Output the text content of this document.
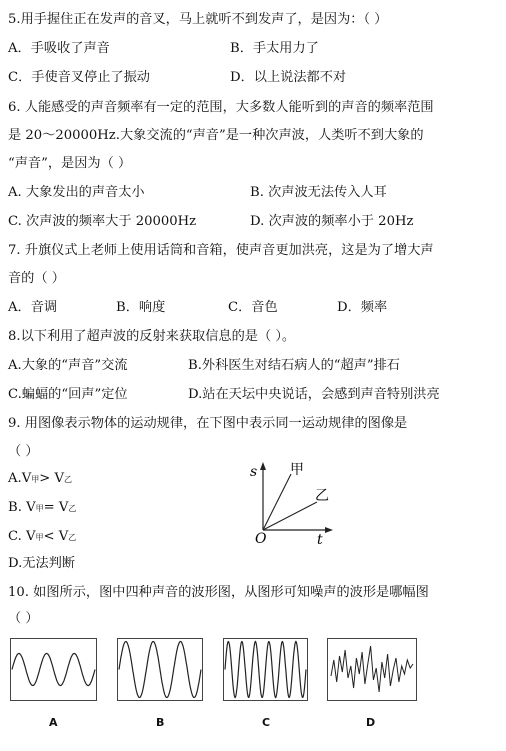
5.用手握住正在发声的音叉，马上就听不到发声了，是因为：（ ）
A．手吸收了声音	B．手太用力了
C．手使音叉停止了振动	D．以上说法都不对
6. 人能感受的声音频率有一定的范围，大多数人能听到的声音的频率范围
是 20～20000Hz.大象交流的“声音”是一种次声波，人类听不到大象的
“声音”，是因为（ ）
A. 大象发出的声音太小	B. 次声波无法传入人耳
C. 次声波的频率大于 20000Hz	D. 次声波的频率小于 20Hz
7. 升旗仪式上老师上使用话筒和音箱，使声音更加洪亮，这是为了增大声
音的（ ）
A．音调	B．响度	C．音色	D．频率
8.以下利用了超声波的反射来获取信息的是（ ）。
A.大象的“声音”交流	B.外科医生对结石病人的“超声”排石
C.蝙蝠的“回声”定位	D.站在天坛中央说话，会感到声音特别洪亮
9. 用图像表示物体的运动规律，在下图中表示同一运动规律的图像是
（ ）
A.V甲> V乙
B. V甲= V乙
C. V甲< V乙
D.无法判断
s
t
O
甲
乙
10. 如图所示，图中四种声音的波形图，从图形可知噪声的波形是哪幅图
（ ）
A	B	C	D
